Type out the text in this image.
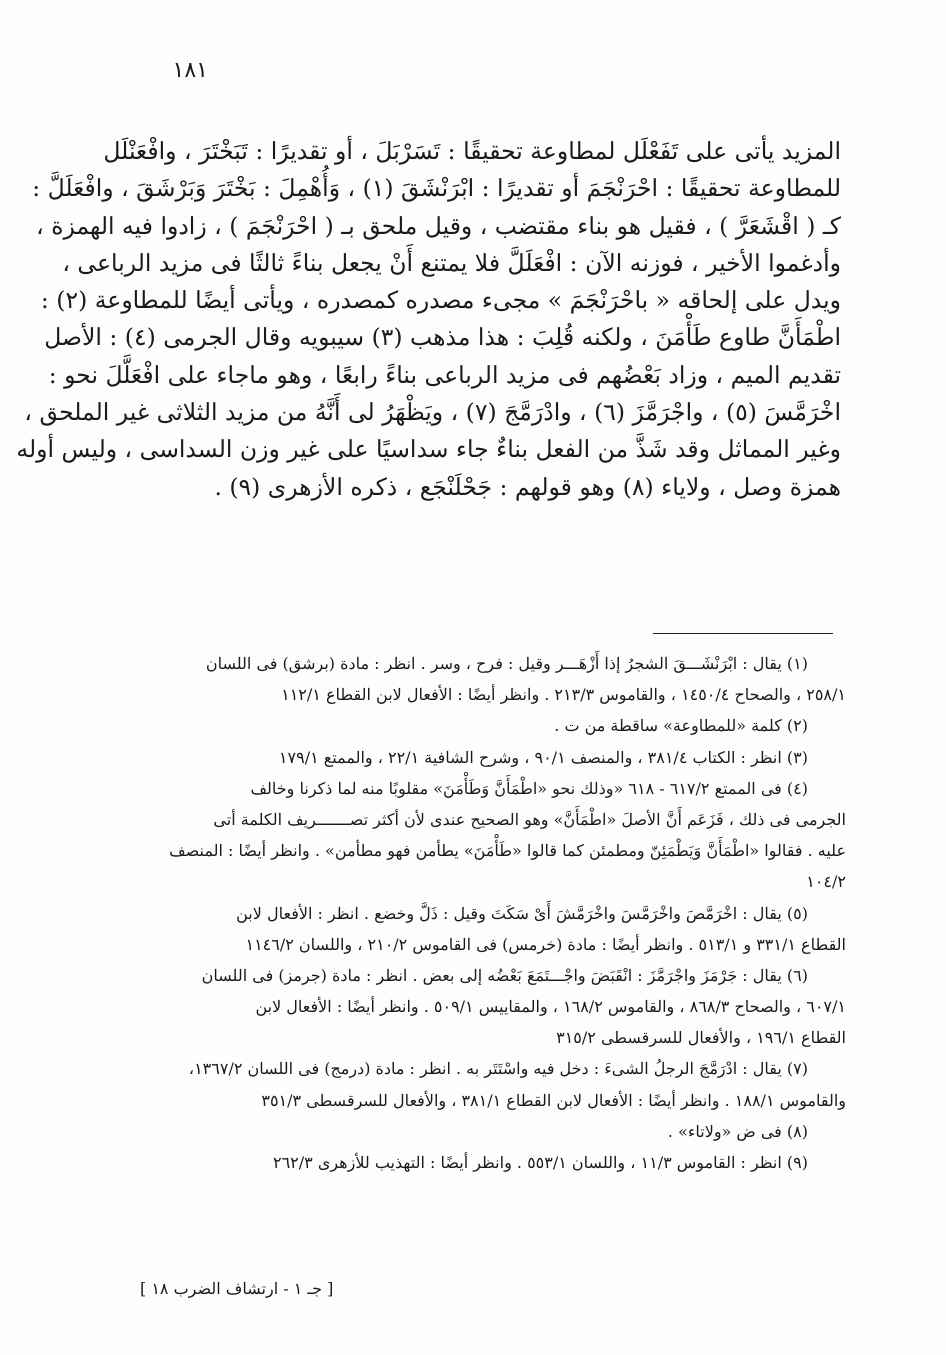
١٨١
المزيد يأتى على تَفَعْلَل لمطاوعة تحقيقًا : تَسَرْبَلَ ، أو تقديرًا : تَبَخْتَرَ ، وافْعَنْلَل
للمطاوعة تحقيقًا : احْرَنْجَمَ أو تقديرًا : ابْرَنْشَقَ (١) ، وَأُهْمِلَ : بَخْتَرَ وَبَرْشَقَ ، وافْعَلَلَّ :
كـ ( اقْشَعَرَّ ) ، فقيل هو بناء مقتضب ، وقيل ملحق بـ ( احْرَنْجَمَ ) ، زادوا فيه الهمزة ،
وأدغموا الأخير ، فوزنه الآن : افْعَلَلَّ فلا يمتنع أَنْ يجعل بناءً ثالثًا فى مزيد الرباعى ،
ويدل على إلحاقه « باحْرَنْجَمَ » مجىء مصدره كمصدره ، ويأتى أيضًا للمطاوعة (٢) :
اطْمَأَنَّ طاوع طَأْمَنَ ، ولكنه قُلِبَ : هذا مذهب (٣) سيبويه وقال الجرمى (٤) : الأصل
تقديم الميم ، وزاد بَعْضُهم فى مزيد الرباعى بناءً رابعًا ، وهو ماجاء على افْعَلَّلَ نحو :
اخْرَمَّسَ (٥) ، واجْرَمَّزَ (٦) ، وادْرَمَّجَ (٧) ، ويَظْهَرُ لى أَنَّهُ من مزيد الثلاثى غير الملحق ،
وغير المماثل وقد شَذَّ من الفعل بناءٌ جاء سداسيًا على غير وزن السداسى ، وليس أوله
همزة وصل ، ولاياء (٨) وهو قولهم : جَحْلَنْجَع ، ذكره الأزهرى (٩) .
(١) يقال : ابْرَنْشَـــقَ الشجرُ إذا أَزْهَـــر وقيل : فرح ، وسر . انظر : مادة (برشق) فى اللسان
٢٥٨/١ ، والصحاح ١٤٥٠/٤ ، والقاموس ٢١٣/٣ . وانظر أيضًا : الأفعال لابن القطاع ١١٢/١
(٢) كلمة «للمطاوعة» ساقطة من ت .
(٣) انظر : الكتاب ٣٨١/٤ ، والمنصف ٩٠/١ ، وشرح الشافية ٢٢/١ ، والممتع ١٧٩/١
(٤) فى الممتع ٦١٧/٢ - ٦١٨ «وذلك نحو «اطْمَأَنَّ وَطَأْمَنَ» مقلوبًا منه لما ذكرنا وخالف
الجرمى فى ذلك ، فَزَعَم أَنَّ الأصلَ «اطْمَأَنَّ» وهو الصحيح عندى لأن أكثر تصـــــــريف الكلمة أتى
عليه . فقالوا «اطْمَأَنَّ وَيَطْمَئِنّ ومطمئن كما قالوا «طَأْمَنَ» يطأمن فهو مطأمن» . وانظر أيضًا : المنصف
١٠٤/٢
(٥) يقال : اخْرَمَّصَ واخْرَمَّسَ واخْرَمَّشَ أَىْ سَكَتَ وقيل : ذَلَّ وخضع . انظر : الأفعال لابن
القطاع ٣٣١/١ و ٥١٣/١ . وانظر أيضًا : مادة (خرمس) فى القاموس ٢١٠/٢ ، واللسان ١١٤٦/٢
(٦) يقال : جَرْمَزَ واجْرَمَّزَ : انْقَبَضَ واجْـــتَمَعَ بَعْضُه إلى بعض . انظر : مادة (جرمز) فى اللسان
٦٠٧/١ ، والصحاح ٨٦٨/٣ ، والقاموس ١٦٨/٢ ، والمقاييس ٥٠٩/١ . وانظر أيضًا : الأفعال لابن
القطاع ١٩٦/١ ، والأفعال للسرقسطى ٣١٥/٢
(٧) يقال : ادْرَمَّجَ الرجلُ الشىءَ : دخل فيه واسْتَتَر به . انظر : مادة (درمج) فى اللسان ١٣٦٧/٢،
والقاموس ١٨٨/١ . وانظر أيضًا : الأفعال لابن القطاع ٣٨١/١ ، والأفعال للسرقسطى ٣٥١/٣
(٨) فى ض «ولاتاء» .
(٩) انظر : القاموس ١١/٣ ، واللسان ٥٥٣/١ . وانظر أيضًا : التهذيب للأزهرى ٢٦٢/٣
[ جـ ١ - ارتشاف الضرب ١٨ ]
